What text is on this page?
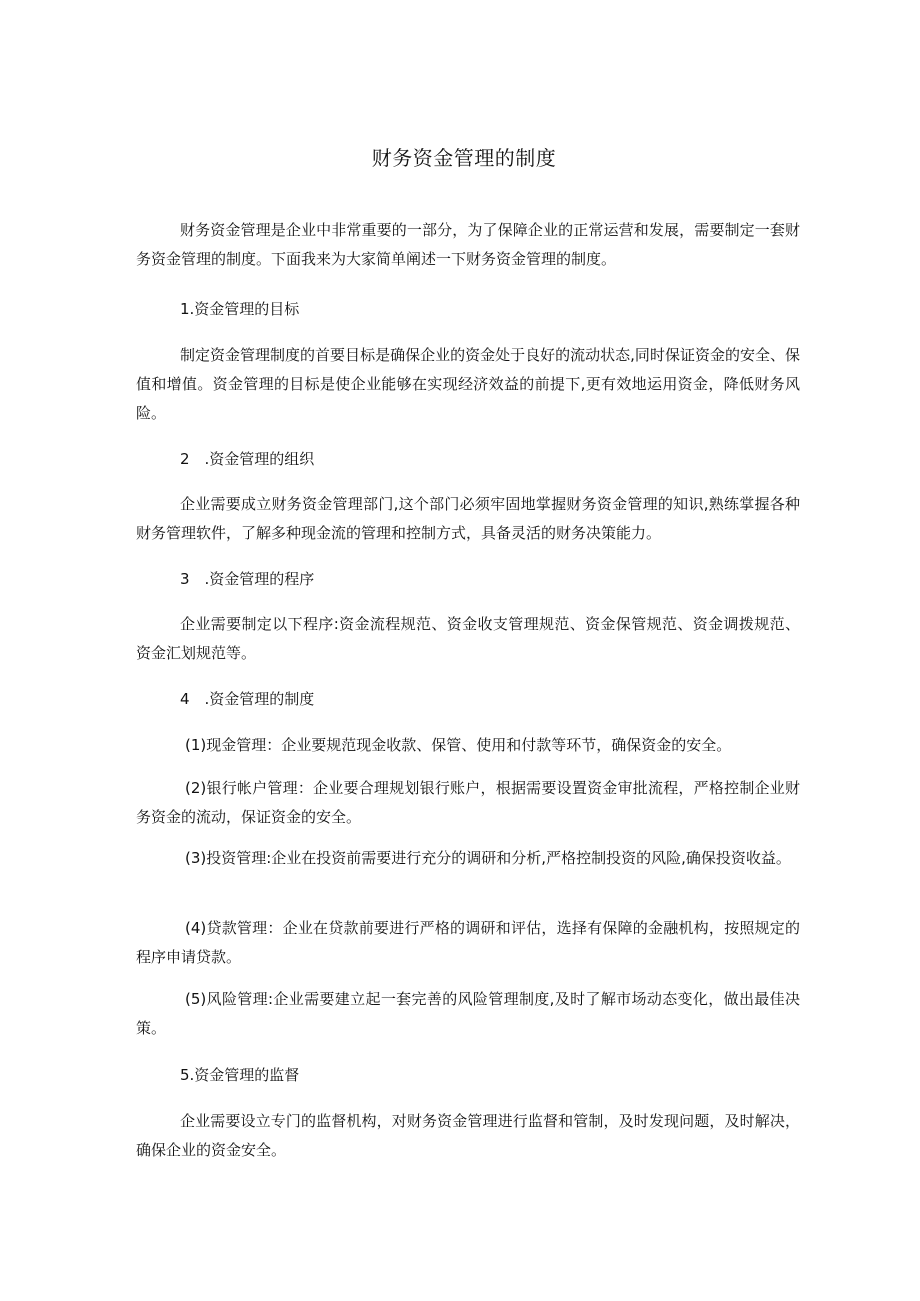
财务资金管理的制度

财务资金管理是企业中非常重要的一部分，为了保障企业的正常运营和发展，需要制定一套财务资金管理的制度。下面我来为大家简单阐述一下财务资金管理的制度。

1.资金管理的目标

制定资金管理制度的首要目标是确保企业的资金处于良好的流动状态,同时保证资金的安全、保值和增值。资金管理的目标是使企业能够在实现经济效益的前提下,更有效地运用资金，降低财务风险。

2　.资金管理的组织

企业需要成立财务资金管理部门,这个部门必须牢固地掌握财务资金管理的知识,熟练掌握各种财务管理软件，了解多种现金流的管理和控制方式，具备灵活的财务决策能力。

3　.资金管理的程序

企业需要制定以下程序:资金流程规范、资金收支管理规范、资金保管规范、资金调拨规范、资金汇划规范等。

4　.资金管理的制度

(1)现金管理：企业要规范现金收款、保管、使用和付款等环节，确保资金的安全。

(2)银行帐户管理：企业要合理规划银行账户，根据需要设置资金审批流程，严格控制企业财务资金的流动，保证资金的安全。

(3)投资管理:企业在投资前需要进行充分的调研和分析,严格控制投资的风险,确保投资收益。

(4)贷款管理：企业在贷款前要进行严格的调研和评估，选择有保障的金融机构，按照规定的程序申请贷款。

(5)风险管理:企业需要建立起一套完善的风险管理制度,及时了解市场动态变化，做出最佳决策。

5.资金管理的监督

企业需要设立专门的监督机构，对财务资金管理进行监督和管制，及时发现问题，及时解决，确保企业的资金安全。
